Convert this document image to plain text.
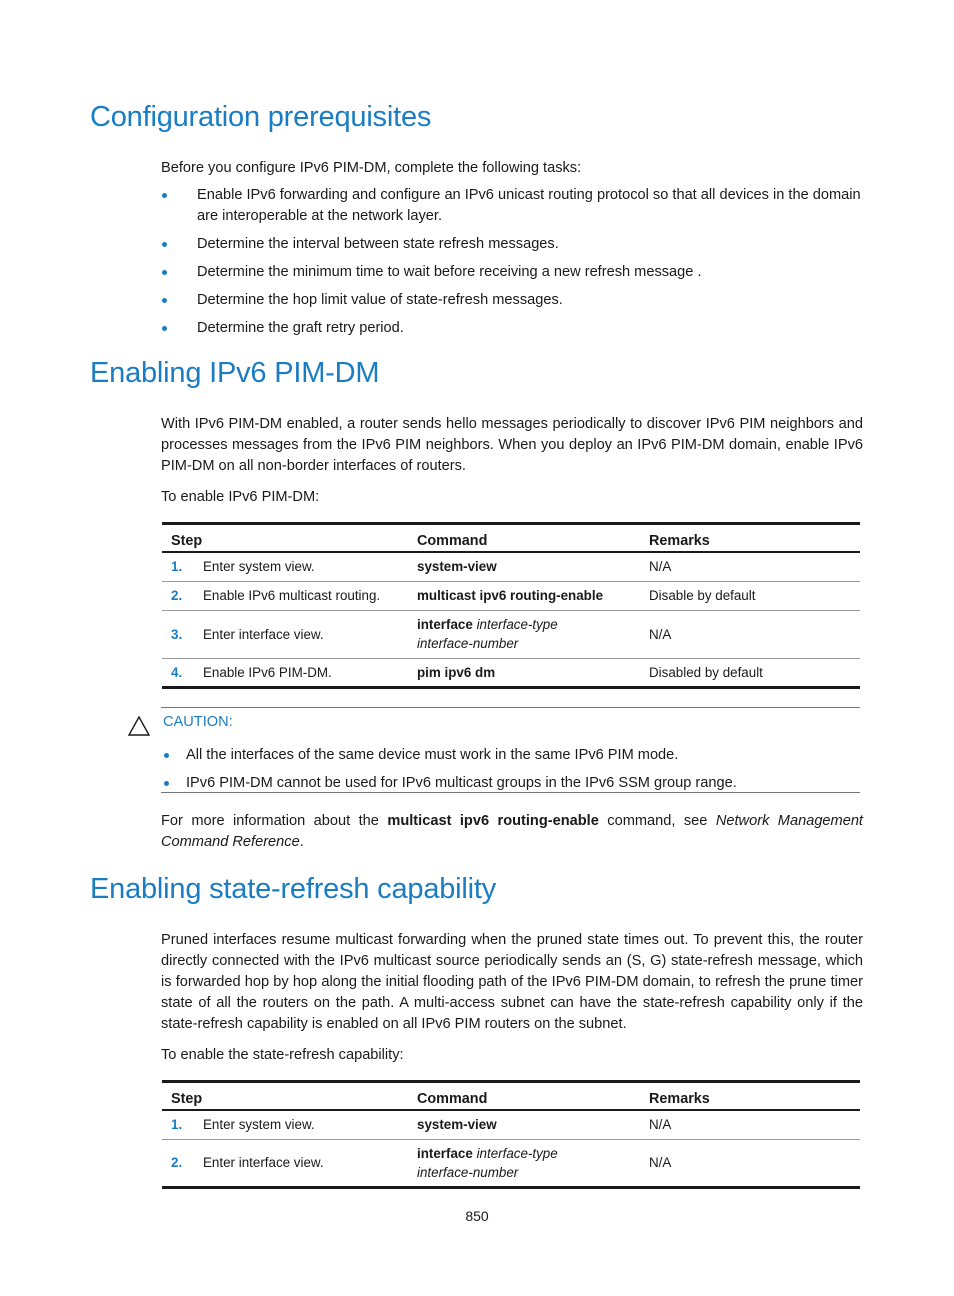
Configuration prerequisites

Before you configure IPv6 PIM-DM, complete the following tasks:

Enable IPv6 forwarding and configure an IPv6 unicast routing protocol so that all devices in the domain are interoperable at the network layer.
Determine the interval between state refresh messages.
Determine the minimum time to wait before receiving a new refresh message .
Determine the hop limit value of state-refresh messages.
Determine the graft retry period.
Enabling IPv6 PIM-DM

With IPv6 PIM-DM enabled, a router sends hello messages periodically to discover IPv6 PIM neighbors and processes messages from the IPv6 PIM neighbors. When you deploy an IPv6 PIM-DM domain, enable IPv6 PIM-DM on all non-border interfaces of routers.

To enable IPv6 PIM-DM:

Step		Command	Remarks
1.	Enter system view.	system-view	N/A
2.	Enable IPv6 multicast routing.	multicast ipv6 routing-enable	Disable by default
3.	Enter interface view.	interface interface-type
interface-number	N/A
4.	Enable IPv6 PIM-DM.	pim ipv6 dm	Disabled by default
CAUTION:
All the interfaces of the same device must work in the same IPv6 PIM mode.
IPv6 PIM-DM cannot be used for IPv6 multicast groups in the IPv6 SSM group range.

For more information about the multicast ipv6 routing-enable command, see Network Management Command Reference.

Enabling state-refresh capability

Pruned interfaces resume multicast forwarding when the pruned state times out. To prevent this, the router directly connected with the IPv6 multicast source periodically sends an (S, G) state-refresh message, which is forwarded hop by hop along the initial flooding path of the IPv6 PIM-DM domain, to refresh the prune timer state of all the routers on the path. A multi-access subnet can have the state-refresh capability only if the state-refresh capability is enabled on all IPv6 PIM routers on the subnet.

To enable the state-refresh capability:

Step		Command	Remarks
1.	Enter system view.	system-view	N/A
2.	Enter interface view.	interface interface-type
interface-number	N/A
850
